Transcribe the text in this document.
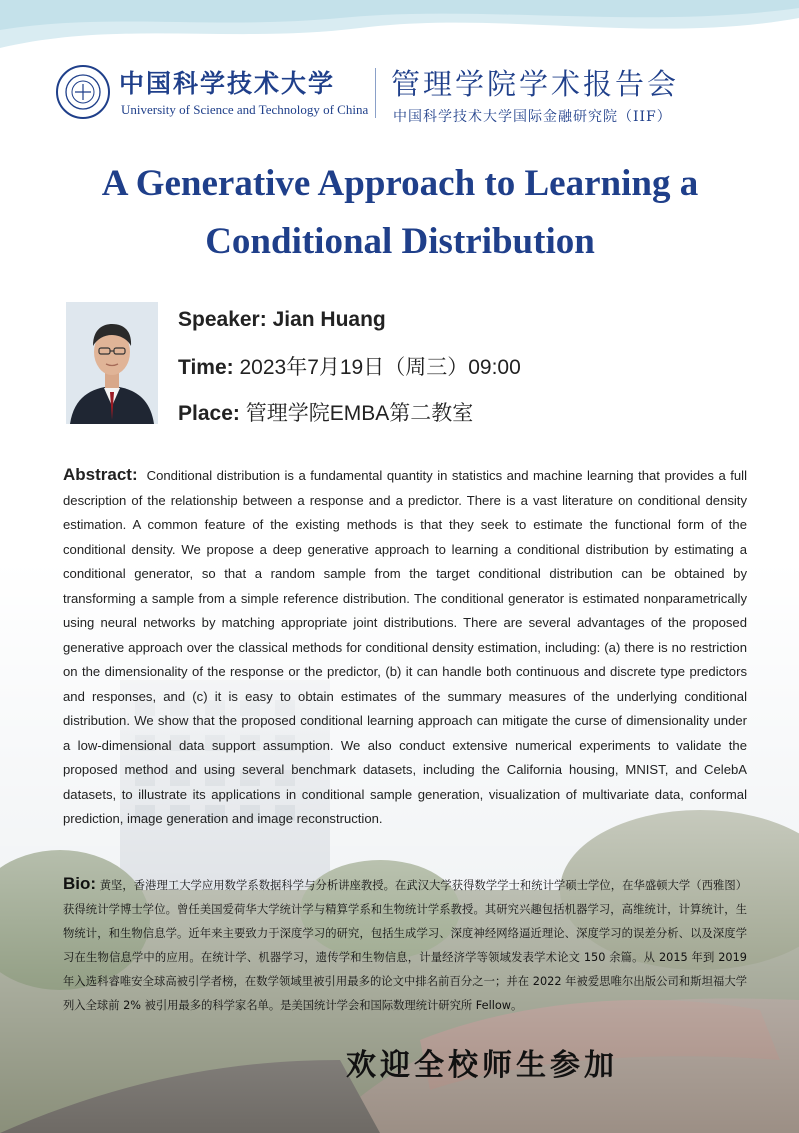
中国科学技术大学
University of Science and Technology of China
管理学院学术报告会
中国科学技术大学国际金融研究院（IIF）
A Generative Approach to Learning a Conditional Distribution
Speaker: Jian Huang
Time: 2023年7月19日（周三）09:00
Place: 管理学院EMBA第二教室
Abstract: Conditional distribution is a fundamental quantity in statistics and machine learning that provides a full description of the relationship between a response and a predictor. There is a vast literature on conditional density estimation. A common feature of the existing methods is that they seek to estimate the functional form of the conditional density. We propose a deep generative approach to learning a conditional distribution by estimating a conditional generator, so that a random sample from the target conditional distribution can be obtained by transforming a sample from a simple reference distribution. The conditional generator is estimated nonparametrically using neural networks by matching appropriate joint distributions. There are several advantages of the proposed generative approach over the classical methods for conditional density estimation, including: (a) there is no restriction on the dimensionality of the response or the predictor, (b) it can handle both continuous and discrete type predictors and responses, and (c) it is easy to obtain estimates of the summary measures of the underlying conditional distribution. We show that the proposed conditional learning approach can mitigate the curse of dimensionality under a low-dimensional data support assumption. We also conduct extensive numerical experiments to validate the proposed method and using several benchmark datasets, including the California housing, MNIST, and CelebA datasets, to illustrate its applications in conditional sample generation, visualization of multivariate data, conformal prediction, image generation and image reconstruction.
Bio: 黄坚，香港理工大学应用数学系数据科学与分析讲座教授。在武汉大学获得数学学士和统计学硕士学位，在华盛顿大学（西雅图）获得统计学博士学位。曾任美国爱荷华大学统计学与精算学系和生物统计学系教授。其研究兴趣包括机器学习，高维统计，计算统计，生物统计，和生物信息学。近年来主要致力于深度学习的研究，包括生成学习、深度神经网络逼近理论、深度学习的误差分析、以及深度学习在生物信息学中的应用。在统计学、机器学习，遗传学和生物信息，计量经济学等领域发表学术论文 150 余篇。从 2015 年到 2019 年入选科睿唯安全球高被引学者榜，在数学领域里被引用最多的论文中排名前百分之一；并在 2022 年被爱思唯尔出版公司和斯坦福大学列入全球前 2% 被引用最多的科学家名单。是美国统计学会和国际数理统计研究所 Fellow。
欢迎全校师生参加
